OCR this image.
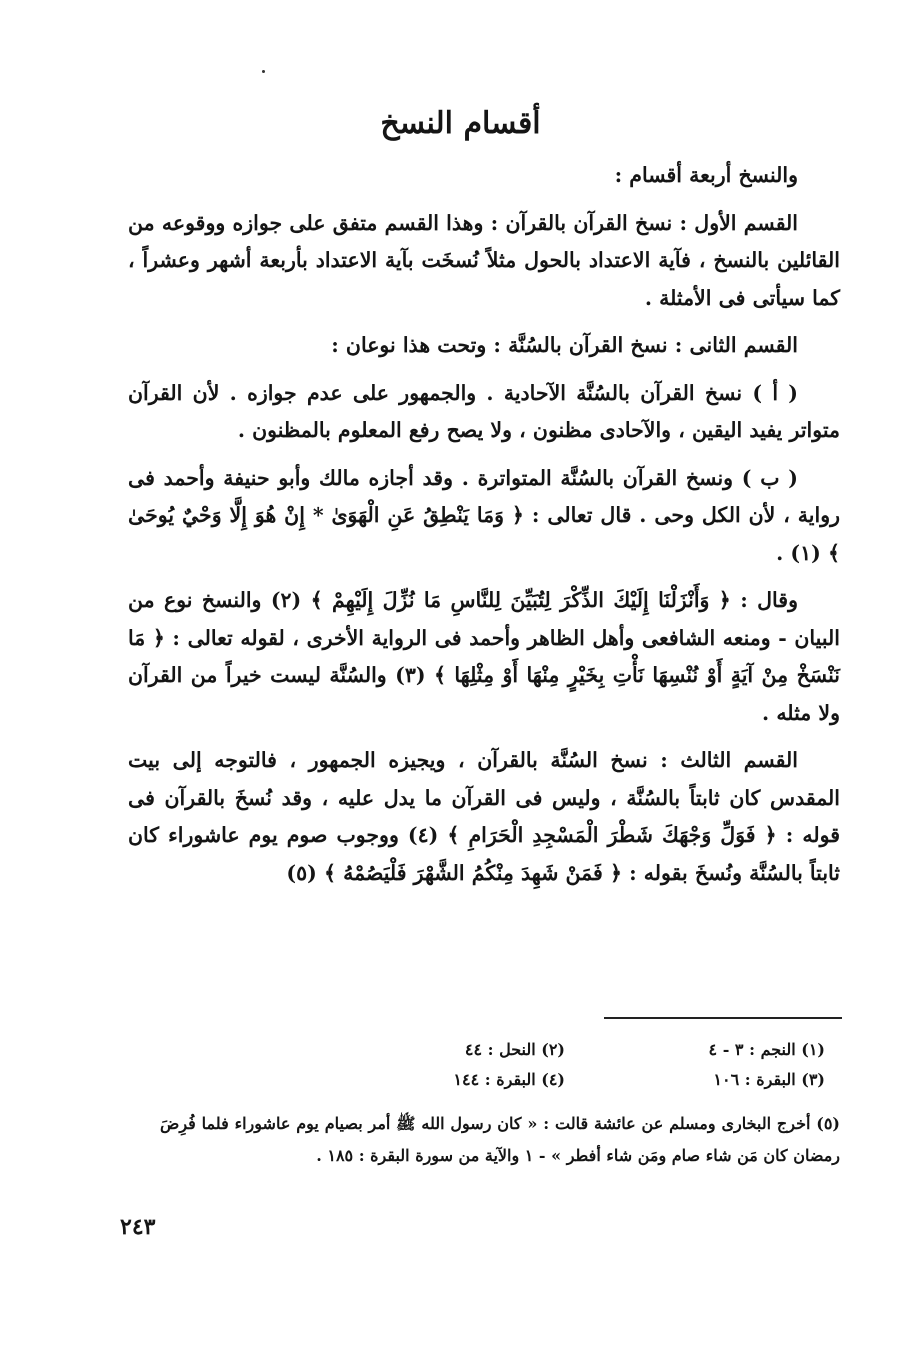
أقسام النسخ

والنسخ أربعة أقسام :

القسم الأول : نسخ القرآن بالقرآن : وهذا القسم متفق على جوازه ووقوعه من القائلين بالنسخ ، فآية الاعتداد بالحول مثلاً نُسخَت بآية الاعتداد بأربعة أشهر وعشراً ، كما سيأتى فى الأمثلة .

القسم الثانى : نسخ القرآن بالسُنَّة : وتحت هذا نوعان :

( أ ) نسخ القرآن بالسُنَّة الآحادية . والجمهور على عدم جوازه . لأن القرآن متواتر يفيد اليقين ، والآحادى مظنون ، ولا يصح رفع المعلوم بالمظنون .

( ب ) ونسخ القرآن بالسُنَّة المتواترة . وقد أجازه مالك وأبو حنيفة وأحمد فى رواية ، لأن الكل وحى . قال تعالى : ﴿ وَمَا يَنْطِقُ عَنِ الْهَوَىٰ * إِنْ هُوَ إِلَّا وَحْيٌ يُوحَىٰ ﴾ (١) .

وقال : ﴿ وَأَنْزَلْنَا إِلَيْكَ الذِّكْرَ لِتُبَيِّنَ لِلنَّاسِ مَا نُزِّلَ إِلَيْهِمْ ﴾ (٢) والنسخ نوع من البيان - ومنعه الشافعى وأهل الظاهر وأحمد فى الرواية الأخرى ، لقوله تعالى : ﴿ مَا نَنْسَخْ مِنْ آيَةٍ أَوْ نُنْسِهَا نَأْتِ بِخَيْرٍ مِنْهَا أَوْ مِثْلِهَا ﴾ (٣) والسُنَّة ليست خيراً من القرآن ولا مثله .

القسم الثالث : نسخ السُنَّة بالقرآن ، ويجيزه الجمهور ، فالتوجه إلى بيت المقدس كان ثابتاً بالسُنَّة ، وليس فى القرآن ما يدل عليه ، وقد نُسخَ بالقرآن فى قوله : ﴿ فَوَلِّ وَجْهَكَ شَطْرَ الْمَسْجِدِ الْحَرَامِ ﴾ (٤) ووجوب صوم يوم عاشوراء كان ثابتاً بالسُنَّة ونُسخَ بقوله : ﴿ فَمَنْ شَهِدَ مِنْكُمُ الشَّهْرَ فَلْيَصُمْهُ ﴾ (٥)

(١) النجم : ٣ - ٤
(٢) النحل : ٤٤
(٣) البقرة : ١٠٦
(٤) البقرة : ١٤٤

(٥) أخرج البخارى ومسلم عن عائشة قالت : « كان رسول الله ﷺ أمر بصيام يوم عاشوراء فلما فُرِضَ رمضان كان مَن شاء صام ومَن شاء أفطر » - ١ والآية من سورة البقرة : ١٨٥ .

٢٤٣
